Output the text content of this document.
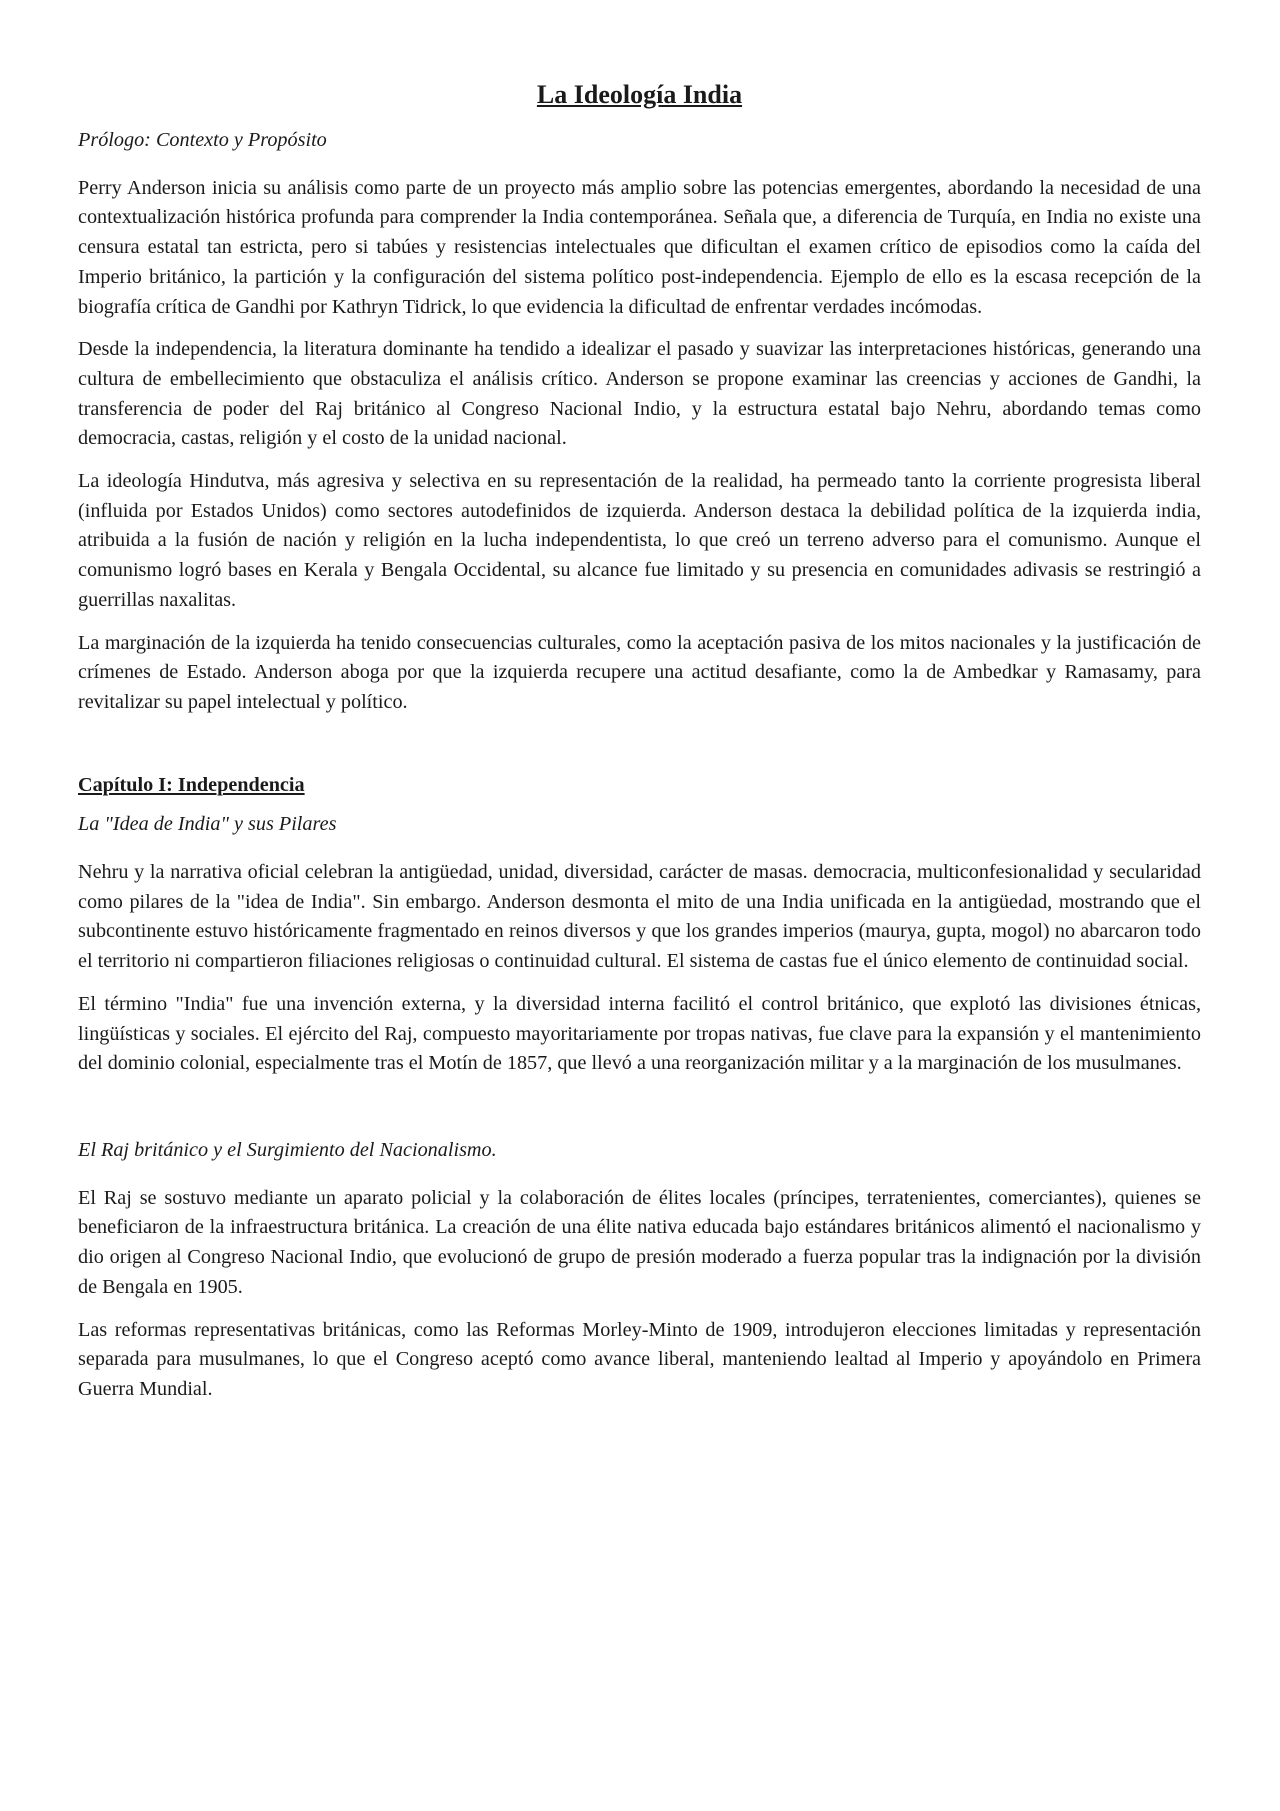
La Ideología India
Prólogo: Contexto y Propósito

Perry Anderson inicia su análisis como parte de un proyecto más amplio sobre las potencias emergentes, abordando la necesidad de una contextualización histórica profunda para comprender la India contemporánea. Señala que, a diferencia de Turquía, en India no existe una censura estatal tan estricta, pero si tabúes y resistencias intelectuales que dificultan el examen crítico de episodios como la caída del Imperio británico, la partición y la configuración del sistema político post-independencia. Ejemplo de ello es la escasa recepción de la biografía crítica de Gandhi por Kathryn Tidrick, lo que evidencia la dificultad de enfrentar verdades incómodas.

Desde la independencia, la literatura dominante ha tendido a idealizar el pasado y suavizar las interpretaciones históricas, generando una cultura de embellecimiento que obstaculiza el análisis crítico. Anderson se propone examinar las creencias y acciones de Gandhi, la transferencia de poder del Raj británico al Congreso Nacional Indio, y la estructura estatal bajo Nehru, abordando temas como democracia, castas, religión y el costo de la unidad nacional.

La ideología Hindutva, más agresiva y selectiva en su representación de la realidad, ha permeado tanto la corriente progresista liberal (influida por Estados Unidos) como sectores autodefinidos de izquierda. Anderson destaca la debilidad política de la izquierda india, atribuida a la fusión de nación y religión en la lucha independentista, lo que creó un terreno adverso para el comunismo. Aunque el comunismo logró bases en Kerala y Bengala Occidental, su alcance fue limitado y su presencia en comunidades adivasis se restringió a guerrillas naxalitas.

La marginación de la izquierda ha tenido consecuencias culturales, como la aceptación pasiva de los mitos nacionales y la justificación de crímenes de Estado. Anderson aboga por que la izquierda recupere una actitud desafiante, como la de Ambedkar y Ramasamy, para revitalizar su papel intelectual y político.

Capítulo I: Independencia
La "Idea de India" y sus Pilares

Nehru y la narrativa oficial celebran la antigüedad, unidad, diversidad, carácter de masas. democracia, multiconfesionalidad y secularidad como pilares de la "idea de India". Sin embargo. Anderson desmonta el mito de una India unificada en la antigüedad, mostrando que el subcontinente estuvo históricamente fragmentado en reinos diversos y que los grandes imperios (maurya, gupta, mogol) no abarcaron todo el territorio ni compartieron filiaciones religiosas o continuidad cultural. El sistema de castas fue el único elemento de continuidad social.

El término "India" fue una invención externa, y la diversidad interna facilitó el control británico, que explotó las divisiones étnicas, lingüísticas y sociales. El ejército del Raj, compuesto mayoritariamente por tropas nativas, fue clave para la expansión y el mantenimiento del dominio colonial, especialmente tras el Motín de 1857, que llevó a una reorganización militar y a la marginación de los musulmanes.

El Raj británico y el Surgimiento del Nacionalismo.

El Raj se sostuvo mediante un aparato policial y la colaboración de élites locales (príncipes, terratenientes, comerciantes), quienes se beneficiaron de la infraestructura británica. La creación de una élite nativa educada bajo estándares británicos alimentó el nacionalismo y dio origen al Congreso Nacional Indio, que evolucionó de grupo de presión moderado a fuerza popular tras la indignación por la división de Bengala en 1905.

Las reformas representativas británicas, como las Reformas Morley-Minto de 1909, introdujeron elecciones limitadas y representación separada para musulmanes, lo que el Congreso aceptó como avance liberal, manteniendo lealtad al Imperio y apoyándolo en Primera Guerra Mundial.
